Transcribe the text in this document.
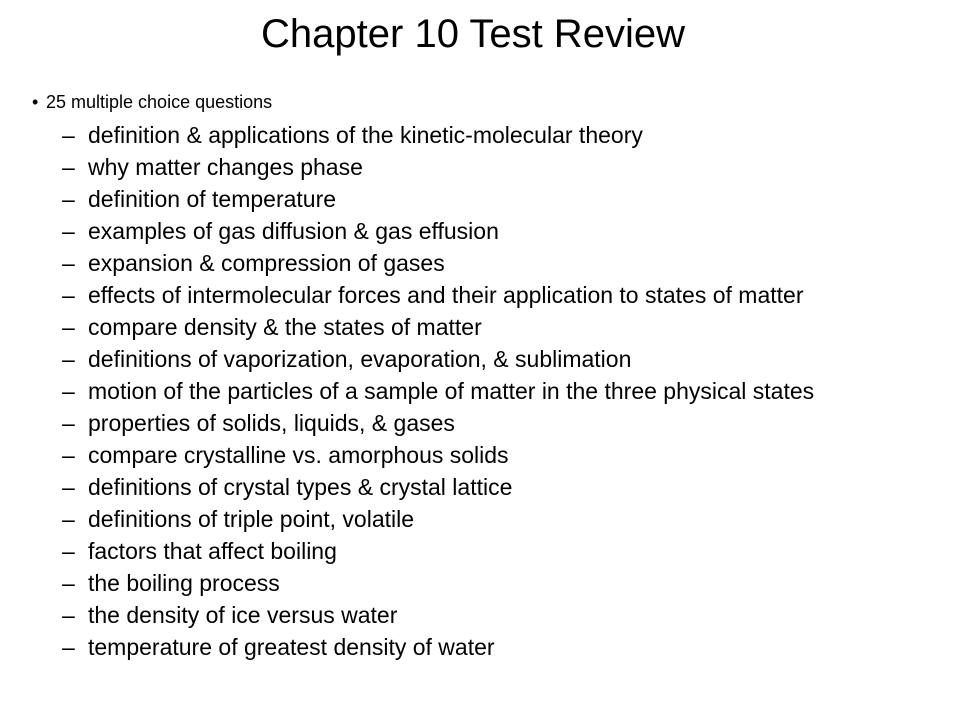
Chapter 10 Test Review
• 25 multiple choice questions
– definition & applications of the kinetic-molecular theory
– why matter changes phase
– definition of temperature
– examples of gas diffusion & gas effusion
– expansion & compression of gases
– effects of intermolecular forces and their application to states of matter
– compare density & the states of matter
– definitions of vaporization, evaporation, & sublimation
– motion of the particles of a sample of matter in the three physical states
– properties of solids, liquids, & gases
– compare crystalline vs. amorphous solids
– definitions of crystal types & crystal lattice
– definitions of triple point, volatile
– factors that affect boiling
– the boiling process
– the density of ice versus water
– temperature of greatest density of water
